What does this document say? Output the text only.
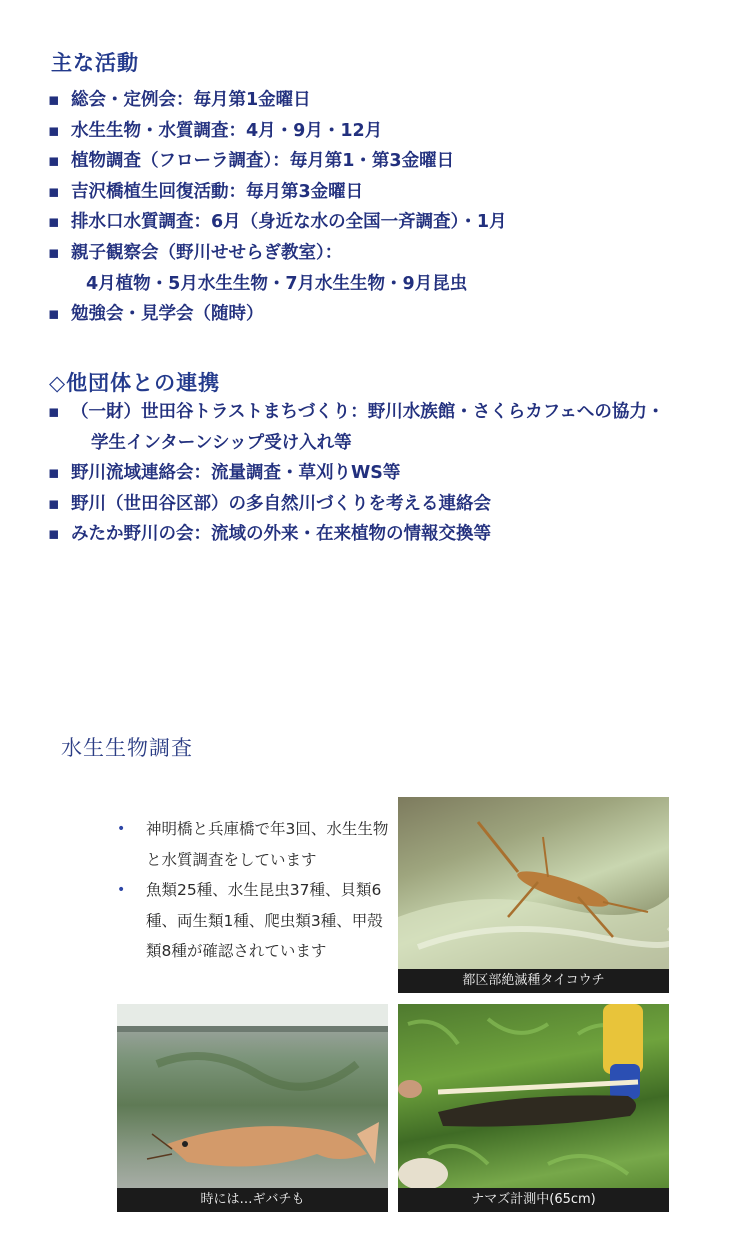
主な活動
▪ 総会・定例会：毎月第1金曜日
▪ 水生生物・水質調査：4月・9月・12月
▪ 植物調査（フローラ調査）：毎月第1・第3金曜日
▪ 吉沢橋植生回復活動：毎月第3金曜日
▪ 排水口水質調査：6月（身近な水の全国一斉調査）・1月
▪ 親子観察会（野川せせらぎ教室）：
4月植物・5月水生生物・7月水生生物・9月昆虫
▪ 勉強会・見学会（随時）
◇他団体との連携
▪ （一財）世田谷トラストまちづくり：野川水族館・さくらカフェへの協力・
学生インターンシップ受け入れ等
▪ 野川流域連絡会：流量調査・草刈りWS等
▪ 野川（世田谷区部）の多自然川づくりを考える連絡会
▪ みたか野川の会：流域の外来・在来植物の情報交換等
水生生物調査
• 神明橋と兵庫橋で年3回、水生生物と水質調査をしています
• 魚類25種、水生昆虫37種、貝類6種、両生類1種、爬虫類3種、甲殻類8種が確認されています
都区部絶滅種タイコウチ
時には…ギバチも	ナマズ計測中(65cm)
